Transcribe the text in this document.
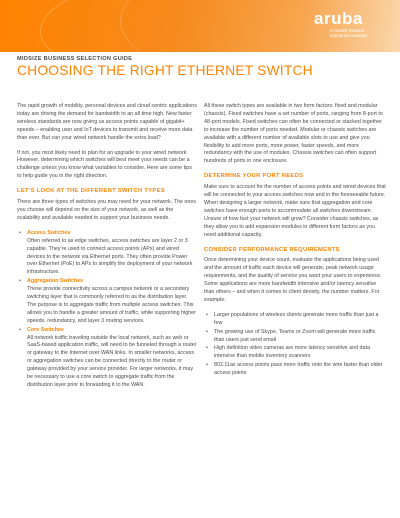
aruba
a Hewlett Packard Enterprise company
MIDSIZE BUSINESS SELECTION GUIDE
CHOOSING THE RIGHT ETHERNET SWITCH

The rapid growth of mobility, personal devices and cloud centric applications today are driving the demand for bandwidth to an all time high. New faster wireless standards are now giving us access points capable of gigabit+ speeds – enabling user and IoT devices to transmit and receive more data than ever. But can your wired network handle the extra load?

If not, you most likely need to plan for an upgrade to your wired network. However, determining which switches will best meet your needs can be a challenge unless you know what variables to consider. Here are some tips to help guide you in the right direction.

LET’S LOOK AT THE DIFFERENT SWITCH TYPES

There are three types of switches you may need for your network. The ones you choose will depend on the size of your network, as well as the scalability and available needed to support your business needs.

• Access Switches
Often referred to as edge switches, access switches are layer 2 or 3 capable. They’re used to connect access points (APs) and wired devices to the network via Ethernet ports. They often provide Power over Ethernet (PoE) to APs to simplify the deployment of your network infrastructure.
• Aggregation Switches
These provide connectivity across a campus network or a secondary switching layer that is commonly referred to as the distribution layer. The purpose is to aggregate traffic from multiple access switches. This allows you to handle a greater amount of traffic, while supporting higher speeds, redundancy, and layer 3 routing services.
• Core Switches
All network traffic traveling outside the local network, such as web or SaaS-based application traffic, will need to be funneled through a router or gateway to the Internet over WAN links. In smaller networks, access or aggregation switches can be connected directly to the router or gateway provided by your service provider. For larger networks, it may be necessary to use a core switch to aggregate traffic from the distribution layer prior to forwarding it to the WAN.

All these switch types are available in two form factors: fixed and modular (chassis). Fixed switches have a set number of ports, ranging from 8-port to 48-port models. Fixed switches can often be connected or stacked together to increase the number of ports needed. Modular or chassis switches are available with a different number of available slots to use and give you flexibility to add more ports, more power, faster speeds, and more redundancy with the use of modules. Chassis switches can often support hundreds of ports in one enclosure.

DETERMINE YOUR PORT NEEDS

Make sure to account for the number of access points and wired devices that will be connected to your access switches now and in the foreseeable future. When designing a larger network, make sure that aggregation and core switches have enough ports to accommodate all switches downstream. Unsure of how fast your network will grow? Consider chassis switches, as they allow you to add expansion modules in different form factors as you need additional capacity.

CONSIDER PERFORMANCE REQUIREMENTS

Once determining your device count, evaluate the applications being used and the amount of traffic each device will generate, peak network usage requirements, and the quality of service you want your users to experience. Some applications are more bandwidth intensive and/or latency sensitive than others – and when it comes to client density, the number matters. For example:

• Larger populations of wireless clients generate more traffic than just a few
• The growing use of Skype, Teams or Zoom will generate more traffic than users just send email
• High definition video cameras are more latency sensitive and data intensive than mobile inventory scanners
• 802.11ax access points pass more traffic onto the wire faster than older access points
